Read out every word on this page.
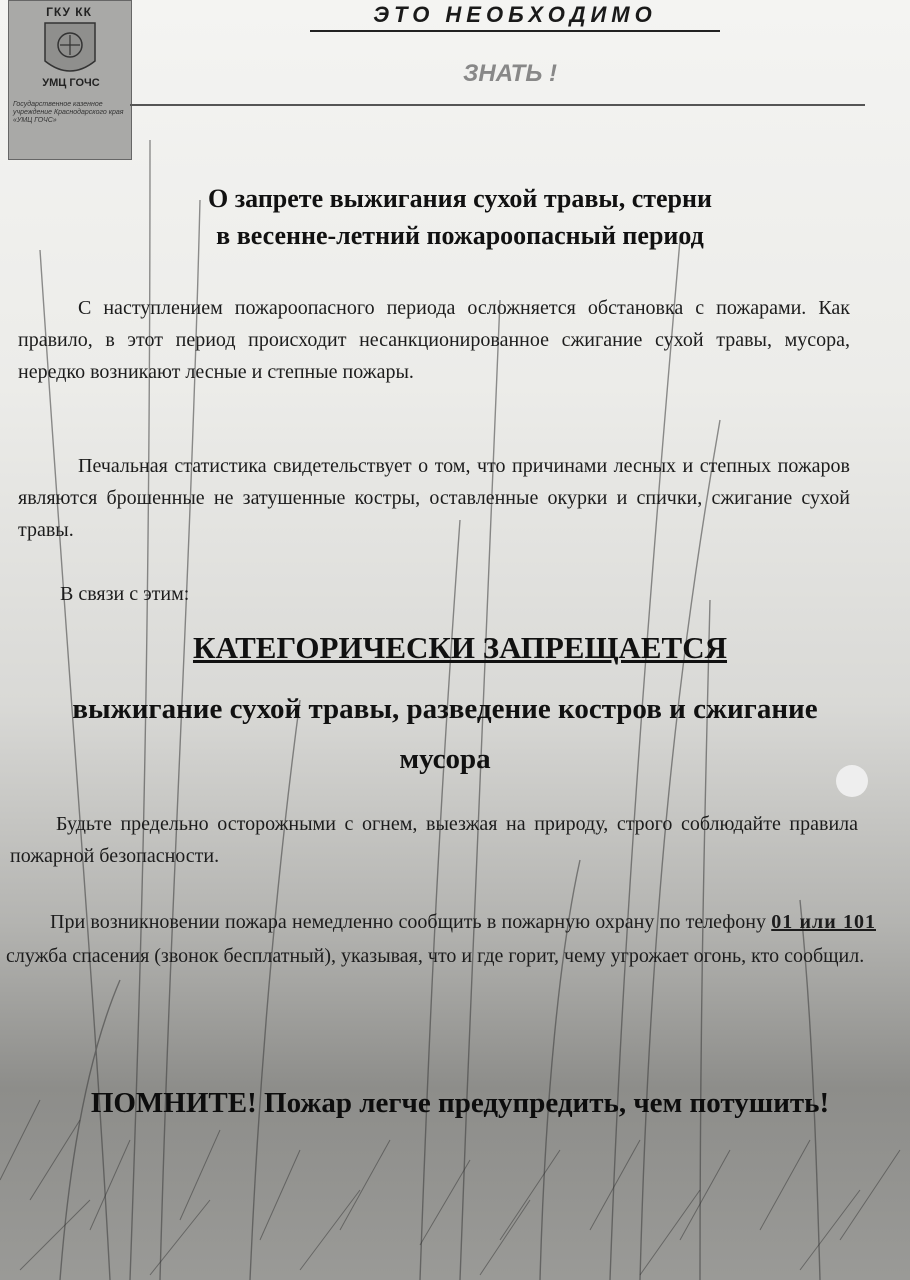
ГКУ КК
УМЦ ГОЧС
Государственное казенное учреждение Краснодарского края «УМЦ ГОЧС»
ЭТО НЕОБХОДИМО
ЗНАТЬ !
О запрете выжигания сухой травы, стерни
в весенне-летний пожароопасный период

С наступлением пожароопасного периода осложняется обстановка с пожарами. Как правило, в этот период происходит несанкционированное сжигание сухой травы, мусора, нередко возникают лесные и степные пожары.

Печальная статистика свидетельствует о том, что причинами лесных и степных пожаров являются брошенные не затушенные костры, оставленные окурки и спички, сжигание сухой травы.

В связи с этим:

КАТЕГОРИЧЕСКИ ЗАПРЕЩАЕТСЯ
выжигание сухой травы, разведение костров и сжигание мусора

Будьте предельно осторожными с огнем, выезжая на природу, строго соблюдайте правила пожарной безопасности.

При возникновении пожара немедленно сообщить в пожарную охрану по телефону 01 или 101 служба спасения (звонок бесплатный), указывая, что и где горит, чему угрожает огонь, кто сообщил.

ПОМНИТЕ! Пожар легче предупредить, чем потушить!
